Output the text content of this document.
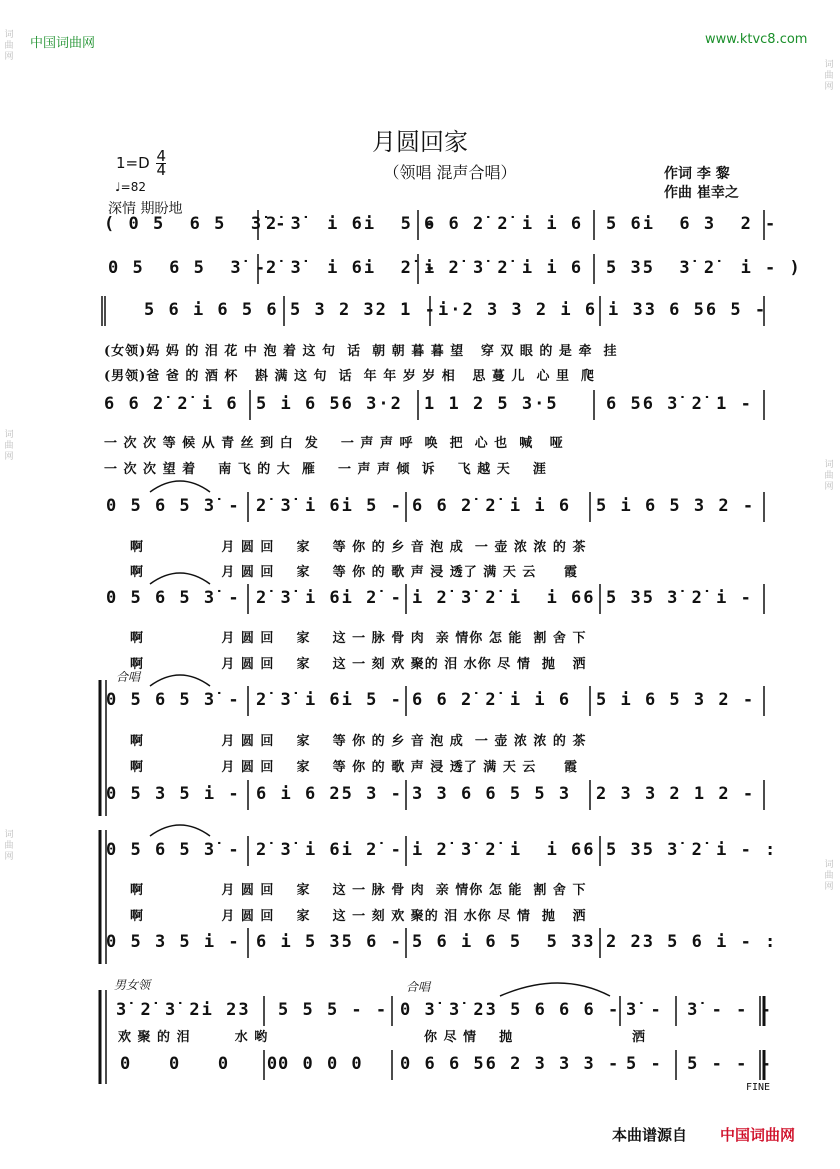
中国词曲网	www.ktvc8.com
词
曲
网
词
曲
网
词
曲
网
词
曲
网
词
曲
网
词
曲
网
月圆回家
（领唱 混声合唱）	作词 李 黎
作曲 崔幸之
$1=D \frac{4}{4}$
♩=82
深情 期盼地
( 0 5  6 5  3̇ -
2̇ 3̇  i 6i  5 -
6 6 2̇ 2̇ i i 6 5 6i  6 3  2 -
0 5  6 5  3̇ -
2̇ 3̇  i 6i  2̇ -
i 2̇ 3̇ 2̇ i i 6 5 35  3̇ 2̇  i - )
5 6 i 6 5 6 5 3 2 32 1 - i·2 3 3 2 i 6 i 33 6 56 5 -
(女领)妈 妈 的 泪 花 中 泡 着 这 句  话  朝 朝 暮 暮 望   穿 双 眼 的 是 牵  挂
(男领)爸 爸 的 酒 杯   斟 满 这 句  话  年 年 岁 岁 相   思 蔓 儿  心 里  爬
6 6 2̇ 2̇ i 6 5 i 6 56 3·2 1 1 2 5 3·5	6 56 3̇ 2̇ 1 -
一 次 次 等 候 从 青 丝 到 白  发    一 声 声 呼  唤  把  心 也  喊   哑
一 次 次 望 着    南 飞 的 大  雁    一 声 声 倾  诉    飞 越 天    涯
0 5 6 5 3̇ - 2̇ 3̇ i 6i 5 - 6 6 2̇ 2̇ i i 6 5 i 6 5 3 2 -
啊              月 圆 回    家    等 你 的 乡 音 泡 成  一 壶 浓 浓 的 茶
啊              月 圆 回    家    等 你 的 歌 声 浸 透了 满 天 云     霞
0 5 6 5 3̇ - 2̇ 3̇ i 6i 2̇ - i 2̇ 3̇ 2̇ i  i 66 5 35 3̇ 2̇ i -
啊              月 圆 回    家    这 一 脉 骨 肉  亲 情你 怎 能  割 舍 下
啊              月 圆 回    家    这 一 刻 欢 聚的 泪 水你 尽 情  抛   洒
合唱
0 5 6 5 3̇ - 2̇ 3̇ i 6i 5 - 6 6 2̇ 2̇ i i 6 5 i 6 5 3 2 -
啊              月 圆 回    家    等 你 的 乡 音 泡 成  一 壶 浓 浓 的 茶
啊              月 圆 回    家    等 你 的 歌 声 浸 透了 满 天 云     霞
0 5 3 5 i - 6 i 6 25 3 - 3 3 6 6 5 5 3 2 3 3 2 1 2 -
0 5 6 5 3̇ - 2̇ 3̇ i 6i 2̇ - i 2̇ 3̇ 2̇ i  i 66 5 35 3̇ 2̇ i - :
啊              月 圆 回    家    这 一 脉 骨 肉  亲 情你 怎 能  割 舍 下
啊              月 圆 回    家    这 一 刻 欢 聚的 泪 水你 尽 情  抛   洒
0 5 3 5 i - 6 i 5 35 6 - 5 6 i 6 5  5 33 2 23 5 6 i - :
男女领	合唱
3̇ 2̇ 3̇ 2i 23 5 5 5 - - 0 3̇ 3̇ 23 5 6 6 6 - 3̇ -  3̇ - - -
欢 聚 的 泪        水 哟	你 尽 情    抛	洒
0   0   0   0
0 0 0 0 0 6 6 56 2 3 3 3 - 5 -  5 - - -
FINE
本曲谱源自 中国词曲网
